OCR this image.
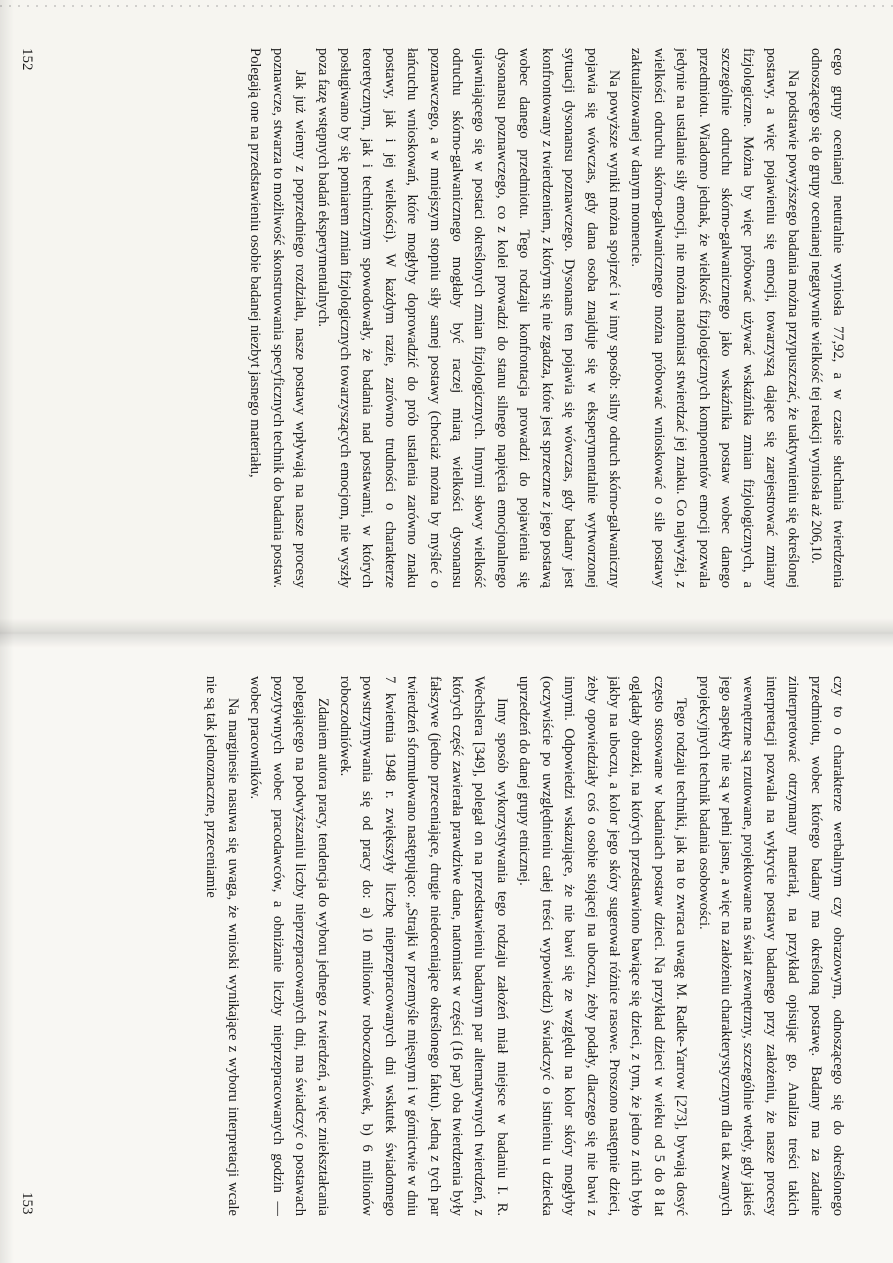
cego grupy ocenianej neutralnie wyniosła 77,92, a w czasie słuchania twierdzenia odnoszącego się do grupy ocenianej negatywnie wielkość tej reakcji wyniosła aż 206,10.

Na podstawie powyższego badania można przypuszczać, że uaktywnieniu się określonej postawy, a więc pojawieniu się emocji, towarzyszą dające się zarejestrować zmiany fizjologiczne. Można by więc próbować używać wskaźnika zmian fizjologicznych, a szczególnie odruchu skórno-galwanicznego jako wskaźnika postaw wobec danego przedmiotu. Wiadomo jednak, że wielkość fizjologicznych komponentów emocji pozwala jedynie na ustalanie siły emocji, nie można natomiast stwierdzać jej znaku. Co najwyżej, z wielkości odruchu skórno-galwanicznego można próbować wnioskować o sile postawy zaktualizowanej w danym momencie.

Na powyższe wyniki można spojrzeć i w inny sposób: silny odruch skórno-galwaniczny pojawia się wówczas, gdy dana osoba znajduje się w eksperymentalnie wytworzonej sytuacji dysonansu poznawczego. Dysonans ten pojawia się wówczas, gdy badany jest konfrontowany z twierdzeniem, z którym się nie zgadza, które jest sprzeczne z jego postawą wobec danego przedmiotu. Tego rodzaju konfrontacja prowadzi do pojawienia się dysonansu poznawczego, co z kolei prowadzi do stanu silnego napięcia emocjonalnego ujawniającego się w postaci określonych zmian fizjologicznych. Innymi słowy wielkość odruchu skórno-galwanicznego mogłaby być raczej miarą wielkości dysonansu poznawczego, a w mniejszym stopniu siły samej postawy (chociaż można by myśleć o łańcuchu wnioskowań, które mogłyby doprowadzić do prób ustalenia zarówno znaku postawy, jak i jej wielkości). W każdym razie, zarówno trudności o charakterze teoretycznym, jak i technicznym spowodowały, że badania nad postawami, w których posługiwano by się pomiarem zmian fizjologicznych towarzyszących emocjom, nie wyszły poza fazę wstępnych badań eksperymentalnych.

Jak już wiemy z poprzedniego rozdziału, nasze postawy wpływają na nasze procesy poznawcze, stwarza to możliwość skonstruowania specyficznych technik do badania postaw. Polegają one na przedstawieniu osobie badanej niezbyt jasnego materiału,

152

czy to o charakterze werbalnym czy obrazowym, odnoszącego się do określonego przedmiotu, wobec którego badany ma określoną postawę. Badany ma za zadanie zinterpretować otrzymany materiał, na przykład opisując go. Analiza treści takich interpretacji pozwala na wykrycie postawy badanego przy założeniu, że nasze procesy wewnętrzne są rzutowane, projektowane na świat zewnętrzny, szczególnie wtedy, gdy jakieś jego aspekty nie są w pełni jasne, a więc na założeniu charakterystycznym dla tak zwanych projekcyjnych technik badania osobowości.

Tego rodzaju techniki, jak na to zwraca uwagę M. Radke-Yarrow [273], bywają dosyć często stosowane w badaniach postaw dzieci. Na przykład dzieci w wieku od 5 do 8 lat oglądały obrazki, na których przedstawiono bawiące się dzieci, z tym, że jedno z nich było jakby na uboczu, a kolor jego skóry sugerował różnice rasowe. Proszono następnie dzieci, żeby opowiedziały coś o osobie stojącej na uboczu, żeby podały, dlaczego się nie bawi z innymi. Odpowiedzi wskazujące, że nie bawi się ze względu na kolor skóry mogłyby (oczywiście po uwzględnieniu całej treści wypowiedzi) świadczyć o istnieniu u dziecka uprzedzeń do danej grupy etnicznej.

Inny sposób wykorzystywania tego rodzaju założeń miał miejsce w badaniu I. R. Wechslera [349], polegał on na przedstawieniu badanym par alternatywnych twierdzeń, z których część zawierała prawdziwe dane, natomiast w części (16 par) oba twierdzenia były fałszywe (jedno przeceniające, drugie niedoceniające określonego faktu). Jedną z tych par twierdzeń sformułowano następująco: „Strajki w przemyśle mięsnym i w górnictwie w dniu 7 kwietnia 1948 r. zwiększyły liczbę nieprzepracowanych dni wskutek świadomego powstrzymywania się od pracy do: a) 10 milionów roboczodniówek, b) 6 milionów roboczodniówek.

Zdaniem autora pracy, tendencja do wyboru jednego z twierdzeń, a więc zniekształcania polegającego na podwyższaniu liczby nieprzepracowanych dni, ma świadczyć o postawach pozytywnych wobec pracodawców, a obniżanie liczby nieprzepracowanych godzin — wobec pracowników.

Na marginesie nasuwa się uwaga, że wnioski wynikające z wyboru interpretacji wcale nie są tak jednoznaczne, przeceniamie

153
